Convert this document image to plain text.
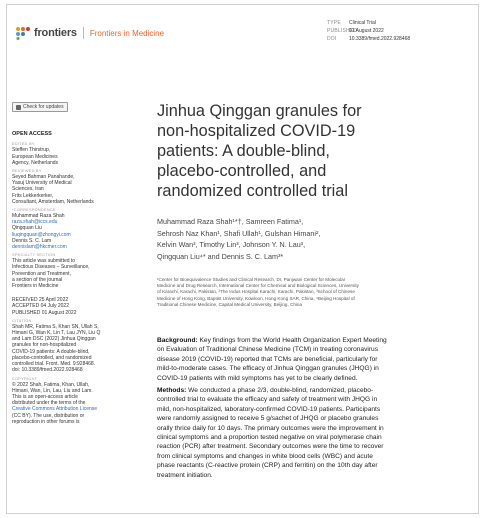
frontiers Frontiers in Medicine
TYPE Clinical Trial
PUBLISHED01 August 2022
DOI	10.3389/fmed.2022.928468
Check for updates
OPEN ACCESS
EDITED BY
Steffen Thirstrup,
European Medicines
Agency, Netherlands
REVIEWED BY
Seyed Bahman Panahande,
Yasuj University of Medical
Sciences, Iran
Frits Lekkerkerker,
Consultant, Amsterdam, Netherlands
*CORRESPONDENCE
Muhammad Raza Shah
raza.shah@iccs.edu
Qingquan Liu
liuqingquan@zhongyi.com
Dennis S. C. Lam
dennislam@hkcmer.com
SPECIALTY SECTION
This article was submitted to
Infectious Diseases – Surveillance,
Prevention and Treatment,
a section of the journal
Frontiers in Medicine

RECEIVED 25 April 2022
ACCEPTED 04 July 2022
PUBLISHED 01 August 2022
CITATION
Shah MR, Fatima S, Khan SN, Ullah S,
Himani G, Wan K, Lin T, Lau JYN, Liu Q
and Lam DSC (2022) Jinhua Qinggan
granules for non-hospitalized
COVID-19 patients: A double-blind,
placebo-controlled, and randomized
controlled trial. Front. Med. 9:928468.
doi: 10.3389/fmed.2022.928468
COPYRIGHT
© 2022 Shah, Fatima, Khan, Ullah,
Himani, Wan, Lin, Lau, Liu and Lam.
This is an open-access article
distributed under the terms of the
Creative Commons Attribution License
(CC BY). The use, distribution or
reproduction in other forums is
Jinhua Qinggan granules for
non-hospitalized COVID-19
patients: A double-blind,
placebo-controlled, and
randomized controlled trial
Muhammad Raza Shah¹*†, Samreen Fatima¹,
Sehrosh Naz Khan¹, Shafi Ullah¹, Gulshan Himani²,
Kelvin Wan³, Timothy Lin³, Johnson Y. N. Lau³,
Qingquan Liu⁴* and Dennis S. C. Lam³*
¹Center for Bioequivalence Studies and Clinical Research, Dr. Panjwani Center for Molecular
Medicine and Drug Research, International Center for Chemical and Biological Sciences, University
of Karachi, Karachi, Pakistan, ²The Indus Hospital Karachi, Karachi, Pakistan, ³School of Chinese
Medicine of Hong Kong, Baptist University, Kowloon, Hong Kong SAR, China, ⁴Beijing Hospital of
Traditional Chinese Medicine, Capital Medical University, Beijing, China
Background: Key findings from the World Health Organization Expert Meeting
on Evaluation of Traditional Chinese Medicine (TCM) in treating coronavirus
disease 2019 (COVID-19) reported that TCMs are beneficial, particularly for
mild-to-moderate cases. The efficacy of Jinhua Qinggan granules (JHQG) in
COVID-19 patients with mild symptoms has yet to be clearly defined.
Methods: We conducted a phase 2/3, double-blind, randomized, placebo-
controlled trial to evaluate the efficacy and safety of treatment with JHQG in
mild, non-hospitalized, laboratory-confirmed COVID-19 patients. Participants
were randomly assigned to receive 5 g/sachet of JHQG or placebo granules
orally thrice daily for 10 days. The primary outcomes were the improvement in
clinical symptoms and a proportion tested negative on viral polymerase chain
reaction (PCR) after treatment. Secondary outcomes were the time to recover
from clinical symptoms and changes in white blood cells (WBC) and acute
phase reactants (C-reactive protein (CRP) and ferritin) on the 10th day after
treatment initiation.
